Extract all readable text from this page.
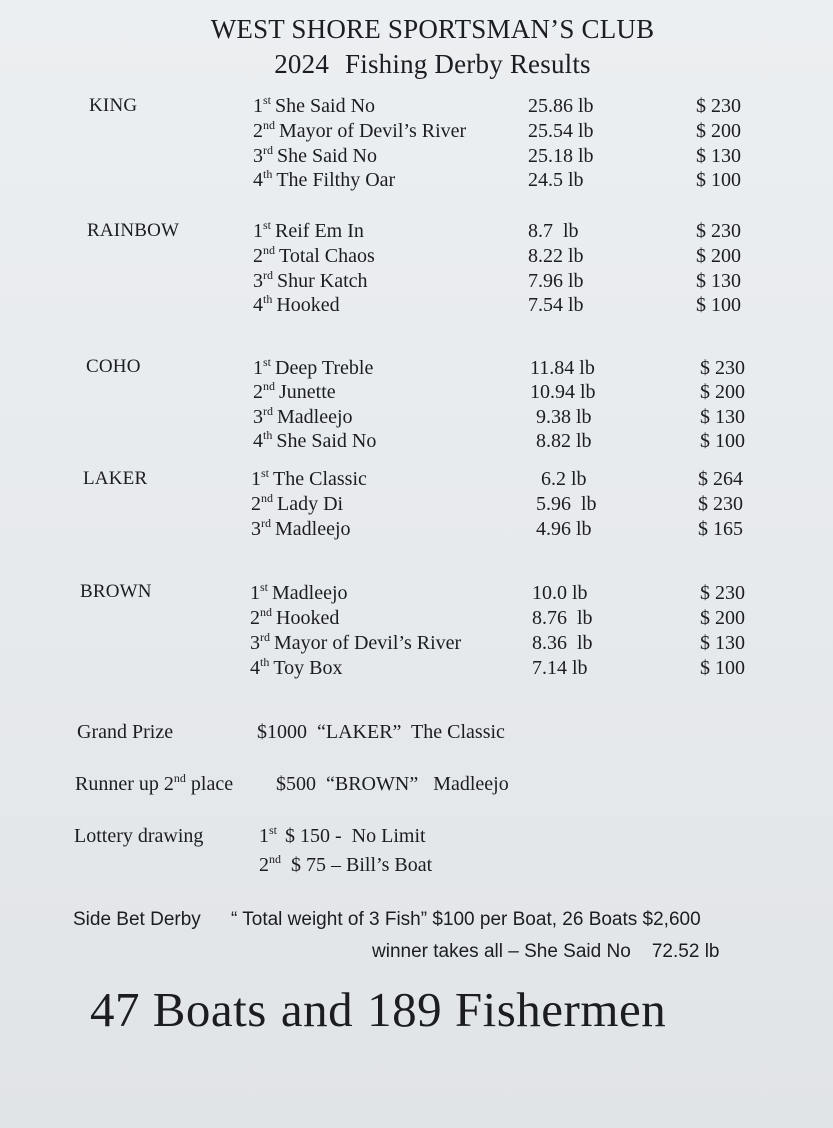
WEST SHORE SPORTSMAN’S CLUB
2024 Fishing Derby Results
KING	1st She Said No	25.86 lb	$ 230
2nd Mayor of Devil’s River	25.54 lb	$ 200
3rd She Said No	25.18 lb	$ 130
4th The Filthy Oar	24.5 lb	$ 100
RAINBOW	1st Reif Em In	8.7  lb	$ 230
2nd Total Chaos	8.22 lb	$ 200
3rd Shur Katch	7.96 lb	$ 130
4th Hooked	7.54 lb	$ 100
COHO	1st Deep Treble	11.84 lb	$ 230
2nd Junette	10.94 lb	$ 200
3rd Madleejo	9.38 lb	$ 130
4th She Said No	8.82 lb	$ 100
LAKER	1st The Classic	6.2 lb	$ 264
2nd Lady Di	5.96  lb	$ 230
3rd Madleejo	4.96 lb	$ 165
BROWN	1st Madleejo	10.0 lb	$ 230
2nd Hooked	8.76  lb	$ 200
3rd Mayor of Devil’s River	8.36  lb	$ 130
4th Toy Box	7.14 lb	$ 100
Grand Prize	$1000  “LAKER”  The Classic
Runner up 2nd place $500  “BROWN”   Madleejo
Lottery drawing	1st $ 150 -  No Limit
2nd $ 75 – Bill’s Boat
Side Bet Derby “ Total weight of 3 Fish” $100 per Boat, 26 Boats $2,600
winner takes all – She Said No    72.52 lb
47 Boats and 189 Fishermen
